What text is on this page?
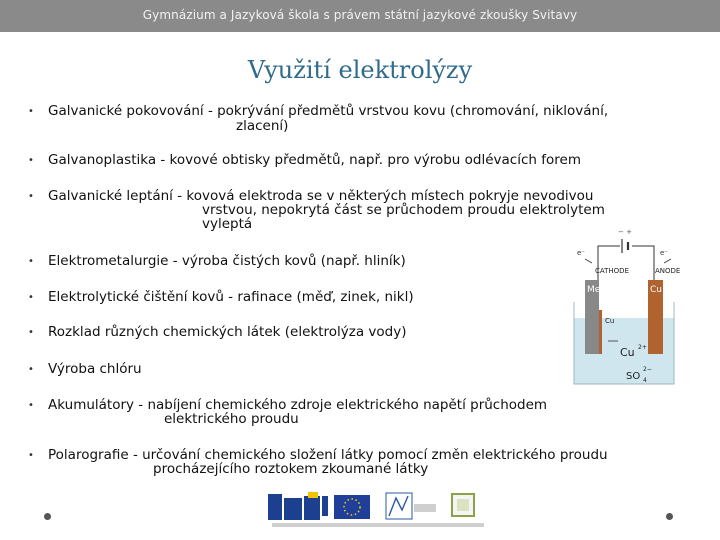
Gymnázium a Jazyková škola s právem státní jazykové zkoušky Svitavy
Využití elektrolýzy
• Galvanické pokovování - pokrývání předmětů vrstvou kovu (chromování, niklování,
zlacení)
• Galvanoplastika - kovové obtisky předmětů, např. pro výrobu odlévacích forem
• Galvanické leptání - kovová elektroda se v některých místech pokryje nevodivou
vrstvou, nepokrytá část se průchodem proudu elektrolytem
vyleptá
• Elektrometalurgie - výroba čistých kovů (např. hliník)
• Elektrolytické čištění kovů - rafinace (měď, zinek, nikl)
• Rozklad různých chemických látek (elektrolýza vody)
• Výroba chlóru
• Akumulátory - nabíjení chemického zdroje elektrického napětí průchodem
elektrického proudu
• Polarografie - určování chemického složení látky pomocí změn elektrického proudu
procházejícího roztokem zkoumané látky
− +
e⁻	e⁻
CATHODE	ANODE
Me	Cu
Cu
Cu 2+
SO 4
2−
